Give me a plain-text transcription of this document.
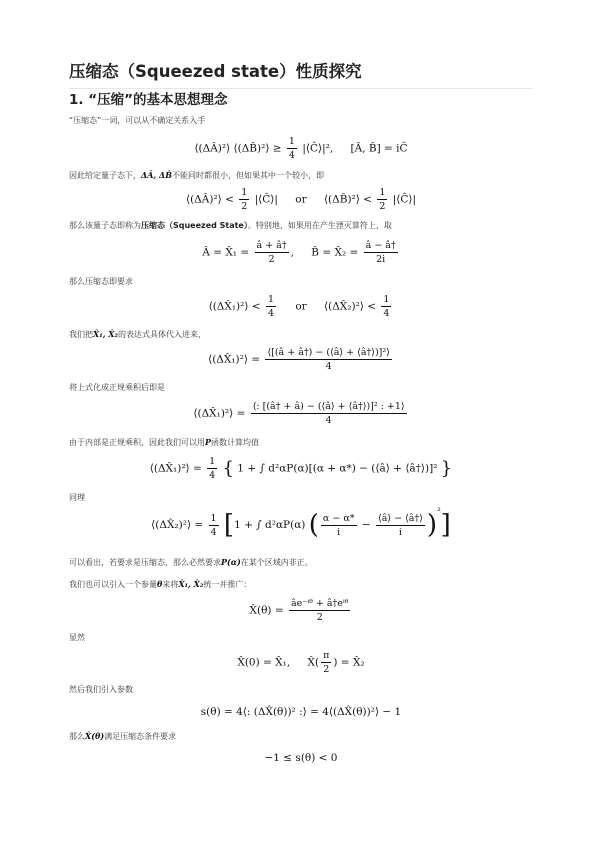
压缩态（Squeezed state）性质探究
1. “压缩”的基本思想理念
“压缩态”一词，可以从不确定关系入手
⟨(ΔÂ)²⟩ ⟨(ΔB̂)²⟩ ≥ $\frac{1}{4}$ |⟨Ĉ⟩|², [Â, B̂] = iĈ
因此给定量子态下，ΔÂ, ΔB̂不能同时都很小，但如果其中一个较小，即
⟨(ΔÂ)²⟩ < $\frac{1}{2}$ |⟨Ĉ⟩| or ⟨(ΔB̂)²⟩ < $\frac{1}{2}$ |⟨Ĉ⟩|
那么该量子态即称为压缩态（Squeezed State）。特别地，如果用在产生湮灭算符上，取
Â = X̂₁ = $\frac{â + â\dagger}{2}$ , B̂ = X̂₂ = $\frac{â - â\dagger}{2i}$
那么压缩态即要求
⟨(ΔX̂₁)²⟩ < $\frac{1}{4}$ or ⟨(ΔX̂₂)²⟩ < $\frac{1}{4}$
我们把X̂₁, X̂₂的表达式具体代入进来，
⟨(ΔX̂₁)²⟩ = $\frac{\text{⟨[(â + â†) − (⟨â⟩ + ⟨â†⟩)]²⟩}}{4}$
将上式化成正规乘积后即是
⟨(ΔX̂₁)²⟩ = $\frac{\text{⟨: [(â† + â) − (⟨â⟩ + ⟨â†⟩)]² : +1⟩}}{4}$
由于内部是正规乘积，因此我们可以用P函数计算均值
⟨(ΔX̂₁)²⟩ = $\frac{1}{4}$ { 1 + ∫ d²αP(α)[(α + α*) − (⟨â⟩ + ⟨â†⟩)]² }
同理
⟨(ΔX̂₂)²⟩ = $\frac{1}{4} [1$ + ∫ d²αP(α) ( $\frac{\alpha - \alpha*}{i} - \frac{⟨â⟩ - ⟨â\dagger⟩}{i} )^{^2}$]
可以看出，若要求是压缩态，那么必然要求P(α)在某个区域内非正。
我们也可以引入一个参量θ来将X̂₁, X̂₂统一并推广：
X̂(θ) = $\frac{\text{âe⁻ⁱᶿ + â†eⁱᶿ}}{2}$
显然
X̂(0) = X̂₁, X̂( $\frac{\pi}{2}$ ) = X̂₂
然后我们引入参数
s(θ) = 4⟨: (ΔX̂(θ))² :⟩ = 4⟨(ΔX̂(θ))²⟩ − 1
那么X̂(θ)满足压缩态条件要求
−1 ≤ s(θ) < 0
